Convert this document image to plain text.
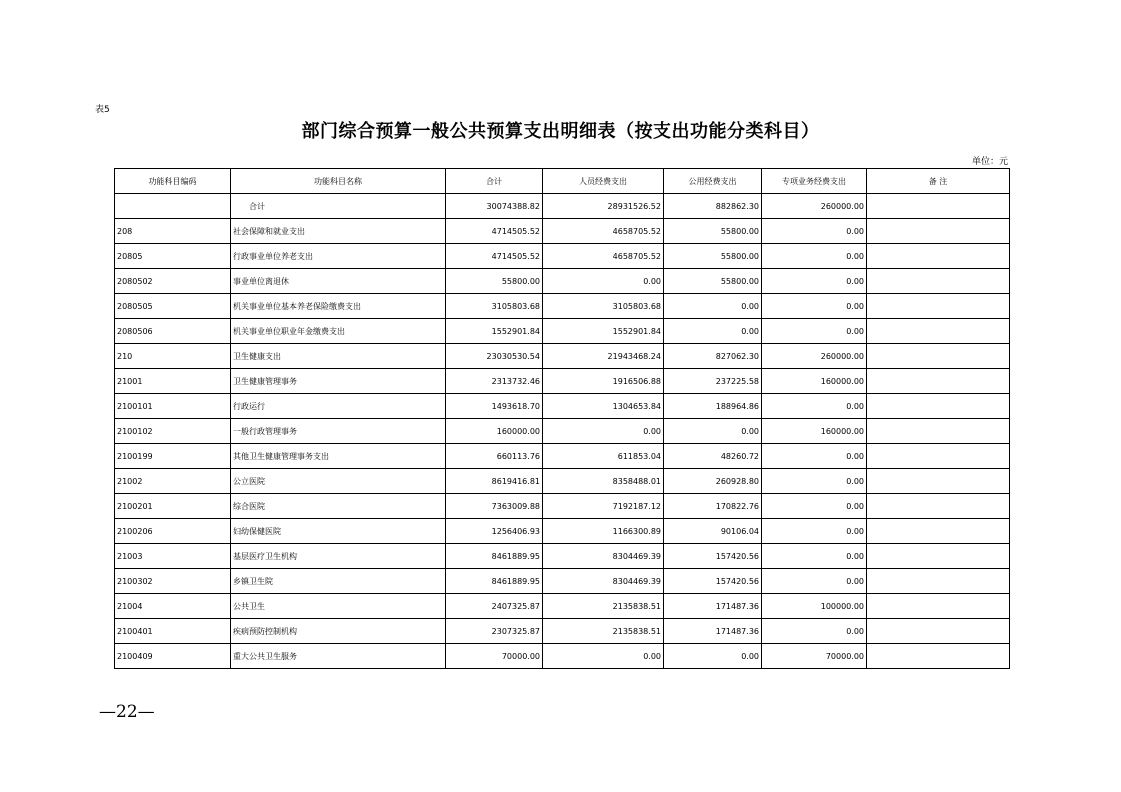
表5
部门综合预算一般公共预算支出明细表（按支出功能分类科目）
单位：元
功能科目编码	功能科目名称	合计	人员经费支出	公用经费支出	专项业务经费支出	备 注
	合计	30074388.82	28931526.52	882862.30	260000.00	
208	社会保障和就业支出	4714505.52	4658705.52	55800.00	0.00	
20805	行政事业单位养老支出	4714505.52	4658705.52	55800.00	0.00	
2080502	事业单位离退休	55800.00	0.00	55800.00	0.00	
2080505	机关事业单位基本养老保险缴费支出	3105803.68	3105803.68	0.00	0.00	
2080506	机关事业单位职业年金缴费支出	1552901.84	1552901.84	0.00	0.00	
210	卫生健康支出	23030530.54	21943468.24	827062.30	260000.00	
21001	卫生健康管理事务	2313732.46	1916506.88	237225.58	160000.00	
2100101	行政运行	1493618.70	1304653.84	188964.86	0.00	
2100102	一般行政管理事务	160000.00	0.00	0.00	160000.00	
2100199	其他卫生健康管理事务支出	660113.76	611853.04	48260.72	0.00	
21002	公立医院	8619416.81	8358488.01	260928.80	0.00	
2100201	综合医院	7363009.88	7192187.12	170822.76	0.00	
2100206	妇幼保健医院	1256406.93	1166300.89	90106.04	0.00	
21003	基层医疗卫生机构	8461889.95	8304469.39	157420.56	0.00	
2100302	乡镇卫生院	8461889.95	8304469.39	157420.56	0.00	
21004	公共卫生	2407325.87	2135838.51	171487.36	100000.00	
2100401	疾病预防控制机构	2307325.87	2135838.51	171487.36	0.00	
2100409	重大公共卫生服务	70000.00	0.00	0.00	70000.00	
—22—
